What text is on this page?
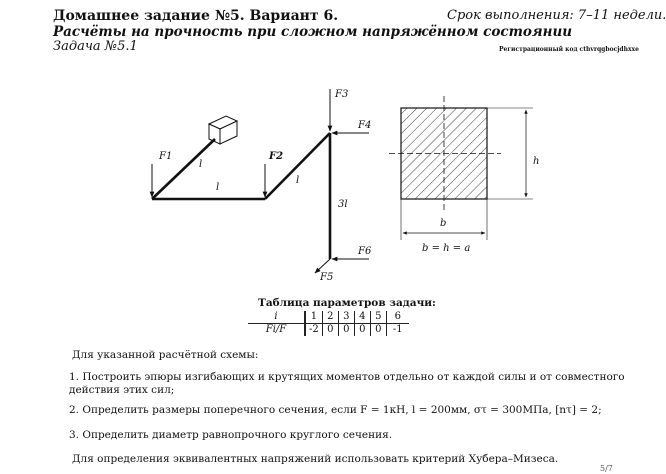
Домашнее задание №5. Вариант 6.	Срок выполнения: 7–11 недели.
Расчёты на прочность при сложном напряжённом состоянии
Задача №5.1	Регистрационный код cthvrqgbocjdhxxe
F1	F2
F3
F4
F5
F6
l
l
l
3l
h
b
b = h = a
Таблица параметров задачи:
i	1	2	3	4	5	6
Fi/F	-2	0	0	0	0	-1
Для указанной расчётной схемы:
1. Построить эпюры изгибающих и крутящих моментов отдельно от каждой силы и от совместного действия этих сил;
2. Определить размеры поперечного сечения, если F = 1кН, l = 200мм, στ = 300МПа, [nτ] = 2;
3. Определить диаметр равнопрочного круглого сечения.
Для определения эквивалентных напряжений использовать критерий Хубера–Мизеса.
5/7
